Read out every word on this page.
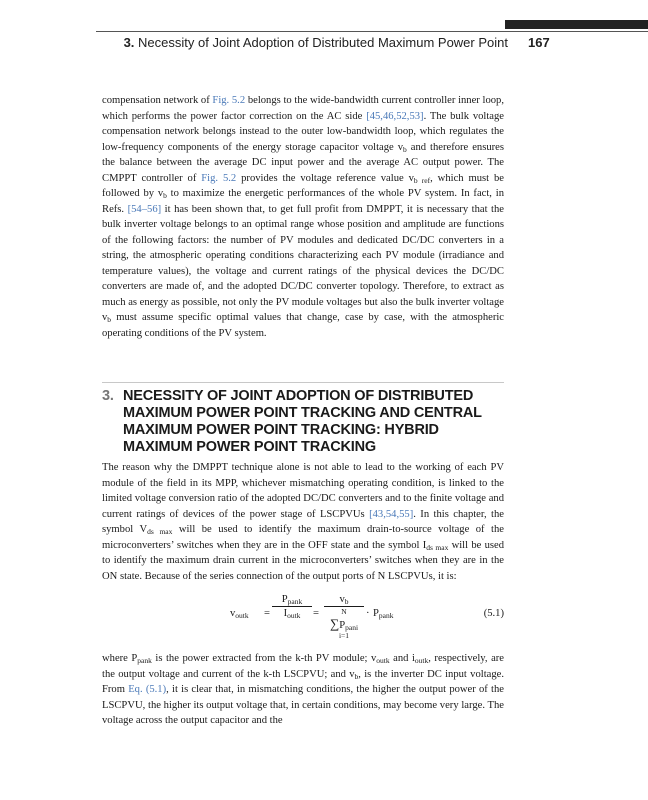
3. Necessity of Joint Adoption of Distributed Maximum Power Point 167
compensation network of Fig. 5.2 belongs to the wide-bandwidth current controller inner loop, which performs the power factor correction on the AC side [45,46,52,53]. The bulk voltage compensation network belongs instead to the outer low-bandwidth loop, which regulates the low-frequency components of the energy storage capacitor voltage $v_b$ and therefore ensures the balance between the average DC input power and the average AC output power. The CMPPT controller of Fig. 5.2 provides the voltage reference value $v_{b ref}$, which must be followed by $v_b$ to maximize the energetic performances of the whole PV system. In fact, in Refs. [54–56] it has been shown that, to get full profit from DMPPT, it is necessary that the bulk inverter voltage belongs to an optimal range whose position and amplitude are functions of the following factors: the number of PV modules and dedicated DC/DC converters in a string, the atmospheric operating conditions characterizing each PV module (irradiance and temperature values), the voltage and current ratings of the physical devices the DC/DC converters are made of, and the adopted DC/DC converter topology. Therefore, to extract as much as energy as possible, not only the PV module voltages but also the bulk inverter voltage $v_b$ must assume specific optimal values that change, case by case, with the atmospheric operating conditions of the PV system.
3. NECESSITY OF JOINT ADOPTION OF DISTRIBUTED MAXIMUM POWER POINT TRACKING AND CENTRAL MAXIMUM POWER POINT TRACKING: HYBRID MAXIMUM POWER POINT TRACKING
The reason why the DMPPT technique alone is not able to lead to the working of each PV module of the field in its MPP, whichever mismatching operating condition, is linked to the limited voltage conversion ratio of the adopted DC/DC converters and to the finite voltage and current ratings of devices of the power stage of LSCPVUs [43,54,55]. In this chapter, the symbol $V_{ds max}$ will be used to identify the maximum drain-to-source voltage of the microconverters’ switches when they are in the OFF state and the symbol $I_{ds max}$ will be used to identify the maximum drain current in the microconverters’ switches when they are in the ON state. Because of the series connection of the output ports of N LSCPVUs, it is:
$v_{outk}$ =
$P_{pank}$
$I_{outk}$	=
$v_b$
N
$\sum P_{pani}$
i=1
· $P_{pank}$	(5.1)
where $P_{pank}$ is the power extracted from the k-th PV module; $v_{outk}$ and $i_{outk}$, respectively, are the output voltage and current of the k-th LSCPVU; and $v_b$, is the inverter DC input voltage. From Eq. (5.1), it is clear that, in mismatching conditions, the higher the output power of the LSCPVU, the higher its output voltage that, in certain conditions, may become very large. The voltage across the output capacitor and the
